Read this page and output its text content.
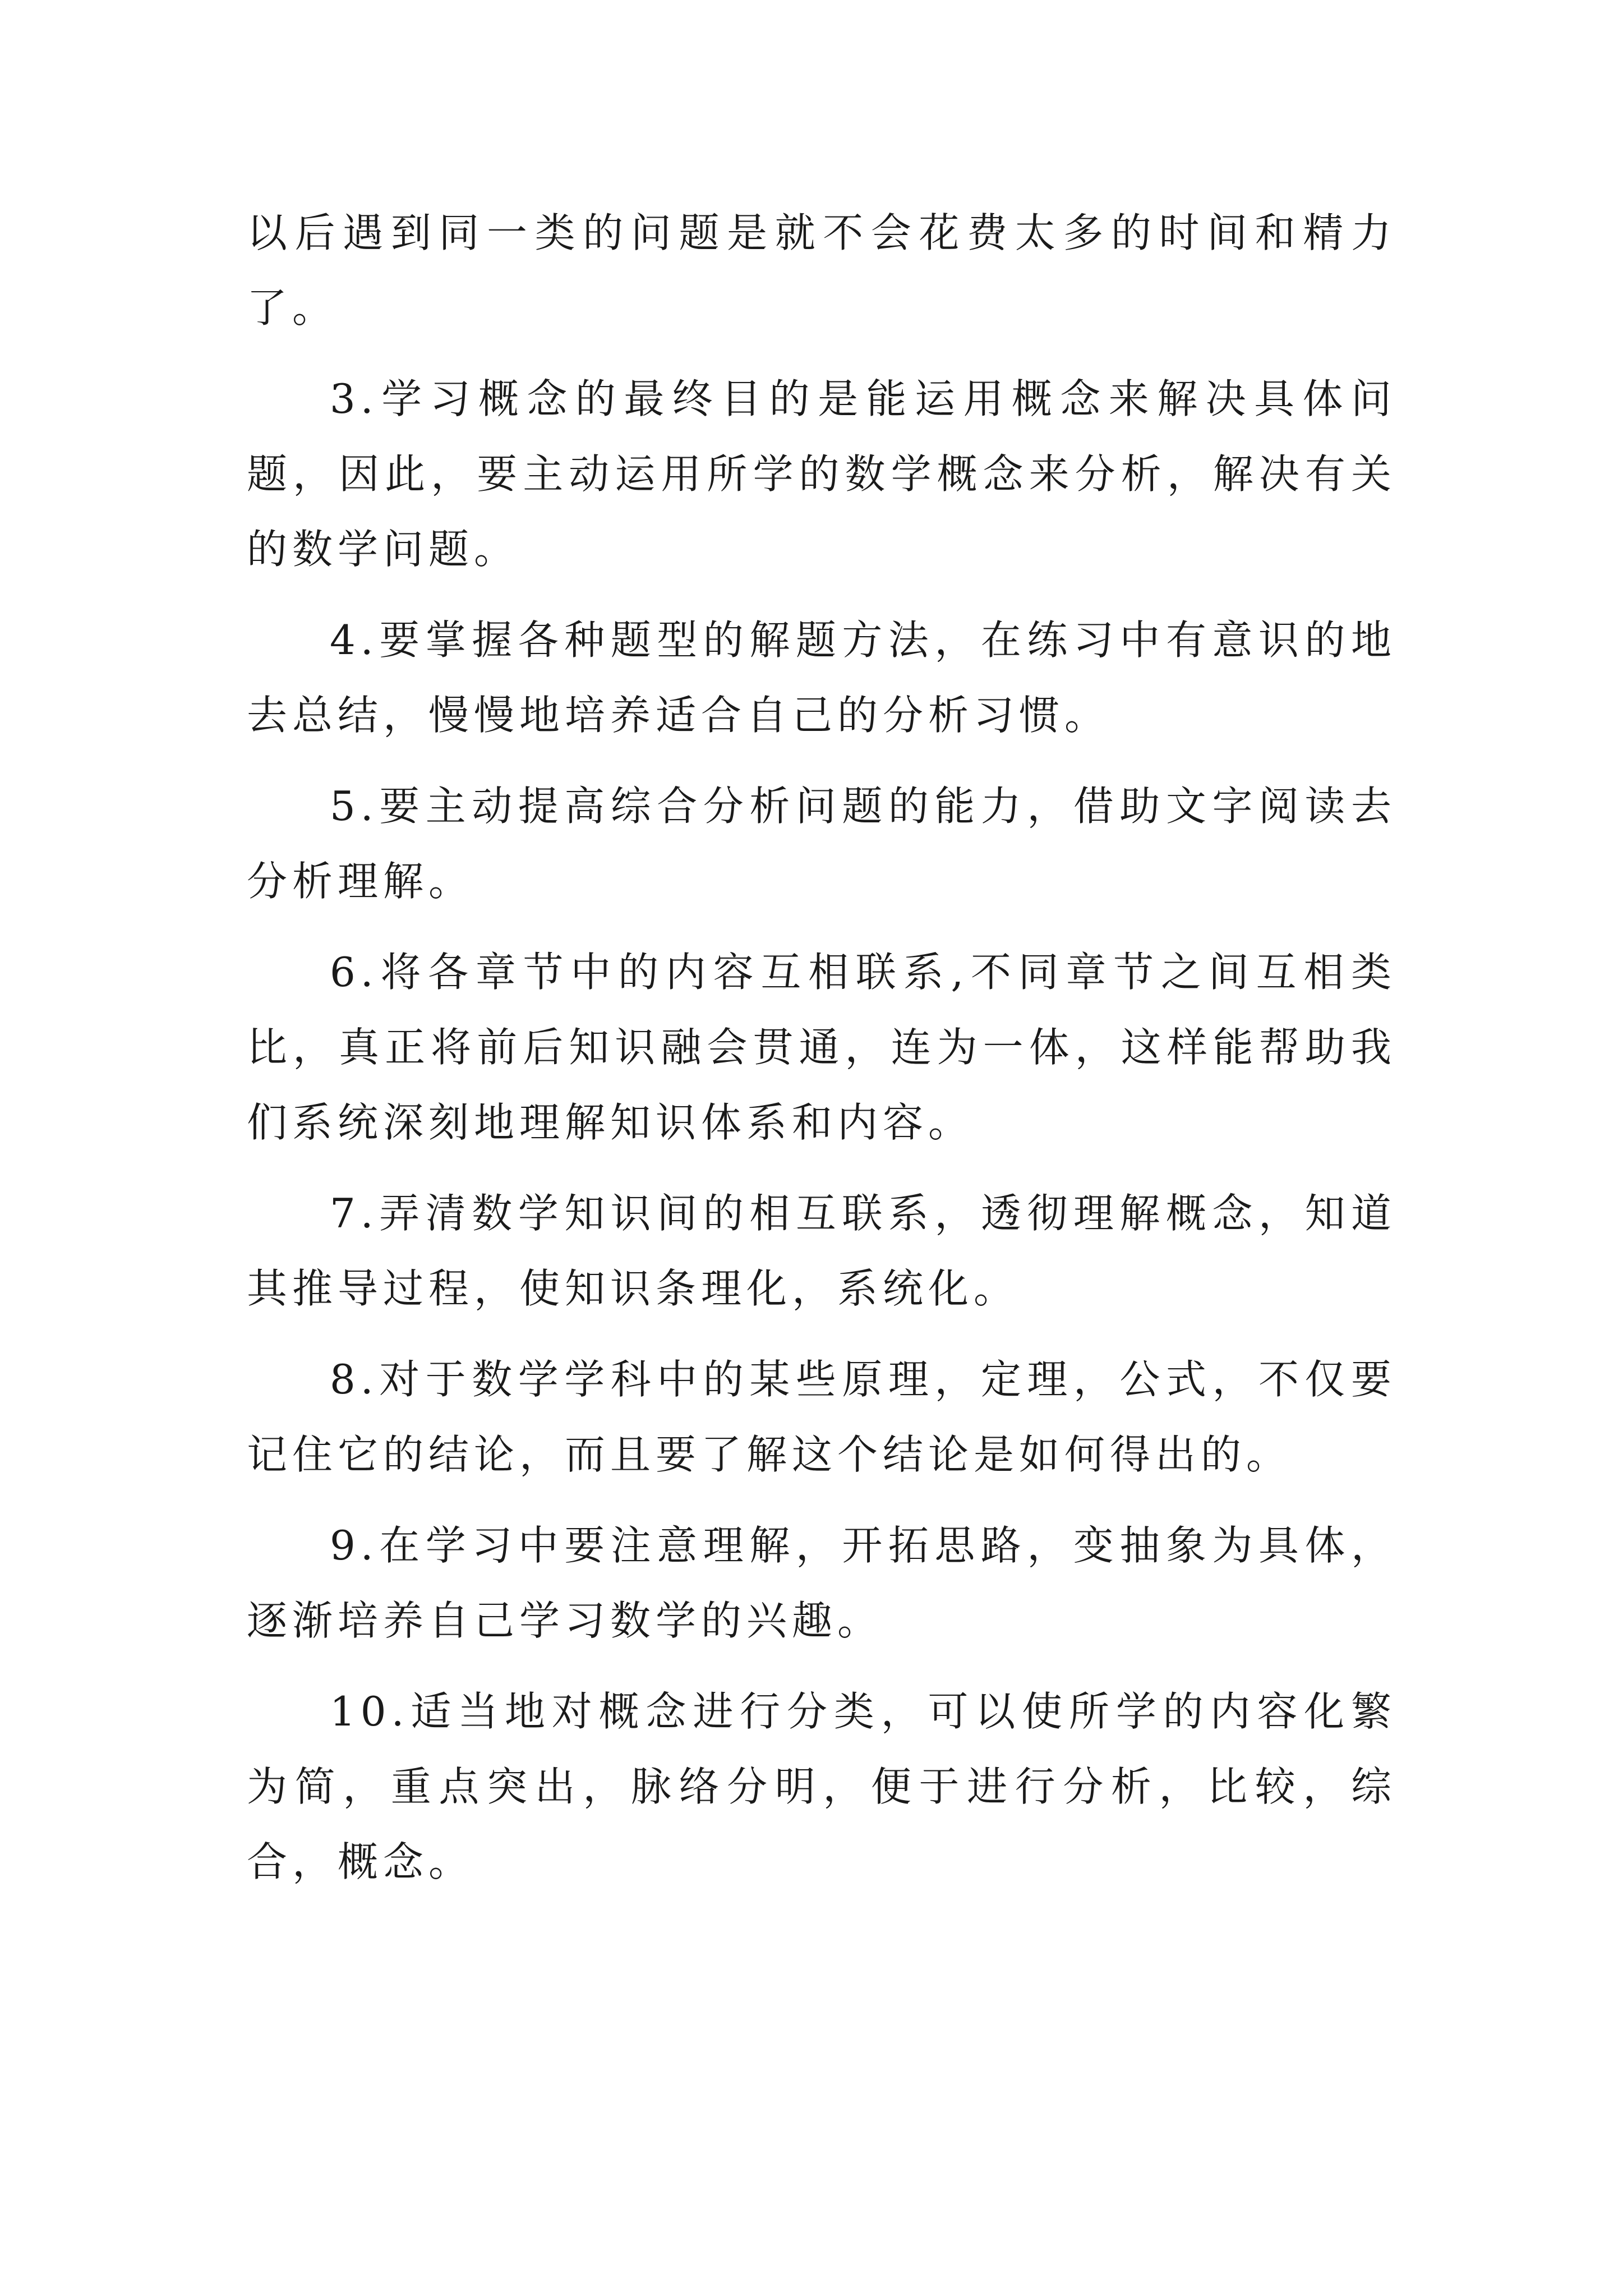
以后遇到同一类的问题是就不会花费太多的时间和精力了。

3.学习概念的最终目的是能运用概念来解决具体问题，因此，要主动运用所学的数学概念来分析，解决有关的数学问题。

4.要掌握各种题型的解题方法，在练习中有意识的地去总结，慢慢地培养适合自己的分析习惯。

5.要主动提高综合分析问题的能力，借助文字阅读去分析理解。

6.将各章节中的内容互相联系,不同章节之间互相类比，真正将前后知识融会贯通，连为一体，这样能帮助我们系统深刻地理解知识体系和内容。

7.弄清数学知识间的相互联系，透彻理解概念，知道其推导过程，使知识条理化，系统化。

8.对于数学学科中的某些原理，定理，公式，不仅要记住它的结论，而且要了解这个结论是如何得出的。

9.在学习中要注意理解，开拓思路，变抽象为具体，逐渐培养自己学习数学的兴趣。

10.适当地对概念进行分类，可以使所学的内容化繁为简，重点突出，脉络分明，便于进行分析，比较，综合，概念。
